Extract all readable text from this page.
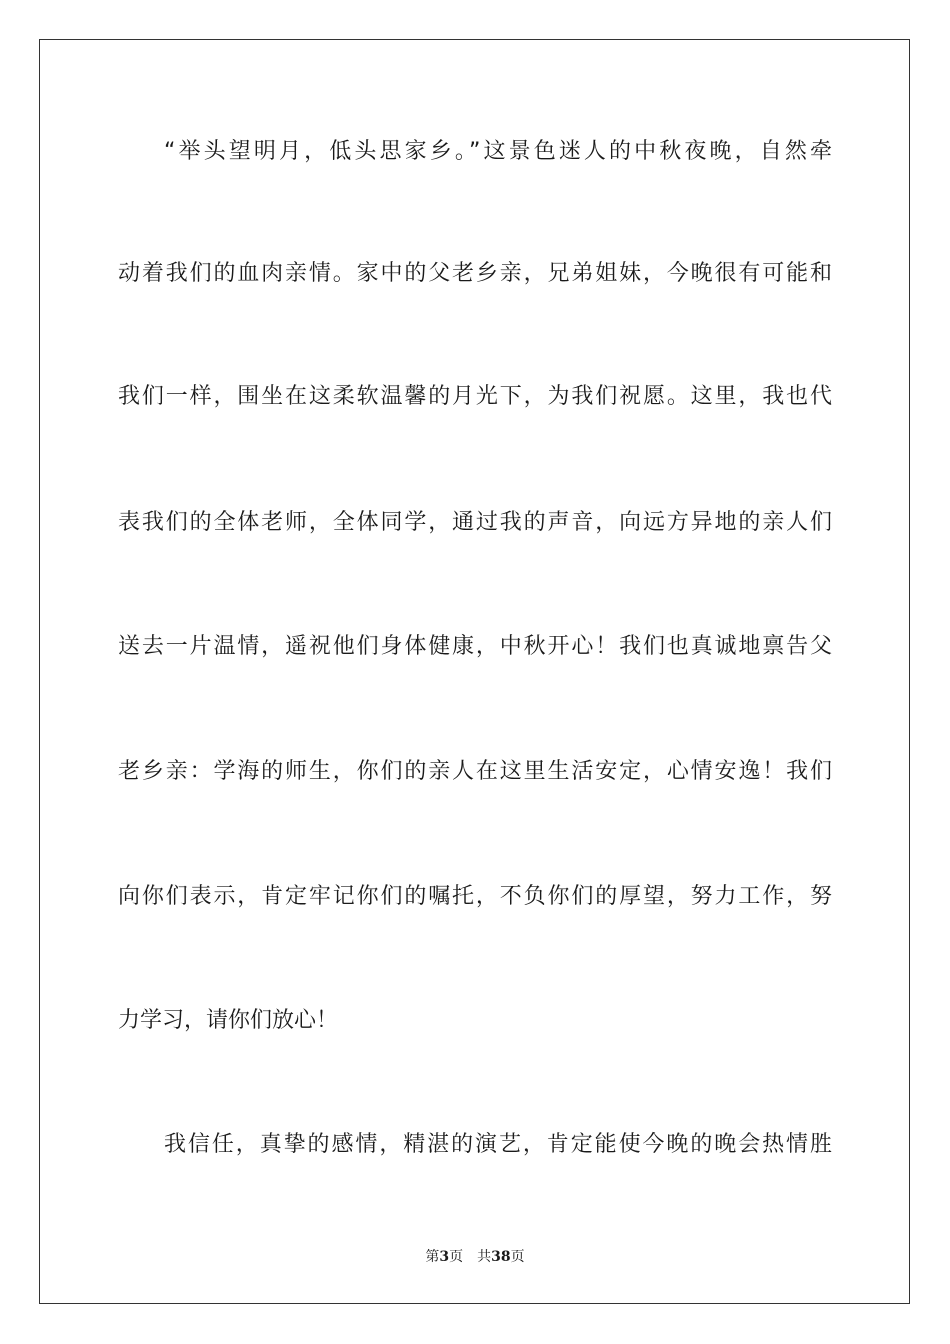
“举头望明月，低头思家乡。”这景色迷人的中秋夜晚，自然牵
动着我们的血肉亲情。家中的父老乡亲，兄弟姐妹，今晚很有可能和
我们一样，围坐在这柔软温馨的月光下，为我们祝愿。这里，我也代
表我们的全体老师，全体同学，通过我的声音，向远方异地的亲人们
送去一片温情，遥祝他们身体健康，中秋开心！我们也真诚地禀告父
老乡亲：学海的师生，你们的亲人在这里生活安定，心情安逸！我们
向你们表示，肯定牢记你们的嘱托，不负你们的厚望，努力工作，努
力学习，请你们放心！
我信任，真挚的感情，精湛的演艺，肯定能使今晚的晚会热情胜
第3页 共38页
